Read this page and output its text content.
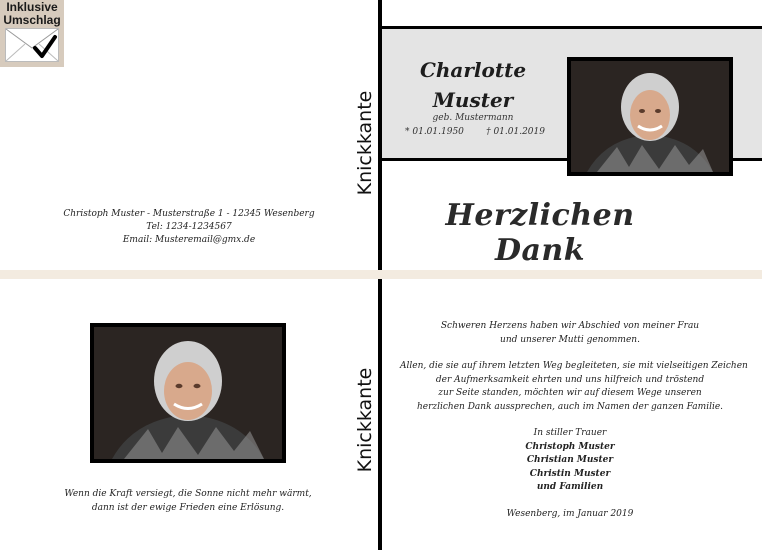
Inklusive
Umschlag
Knickkante
Knickkante
Charlotte
Muster
geb. Mustermann
* 01.01.1950 † 01.01.2019
Herzlichen Dank
Christoph Muster - Musterstraße 1 - 12345 Wesenberg
Tel: 1234-1234567
Email: Musteremail@gmx.de
Wenn die Kraft versiegt, die Sonne nicht mehr wärmt,
dann ist der ewige Frieden eine Erlösung.
Schweren Herzens haben wir Abschied von meiner Frau
und unserer Mutti genommen.
Allen, die sie auf ihrem letzten Weg begleiteten, sie mit vielseitigen Zeichen
der Aufmerksamkeit ehrten und uns hilfreich und tröstend
zur Seite standen, möchten wir auf diesem Wege unseren
herzlichen Dank aussprechen, auch im Namen der ganzen Familie.
In stiller Trauer
Christoph Muster
Christian Muster
Christin Muster
und Familien
Wesenberg, im Januar 2019
